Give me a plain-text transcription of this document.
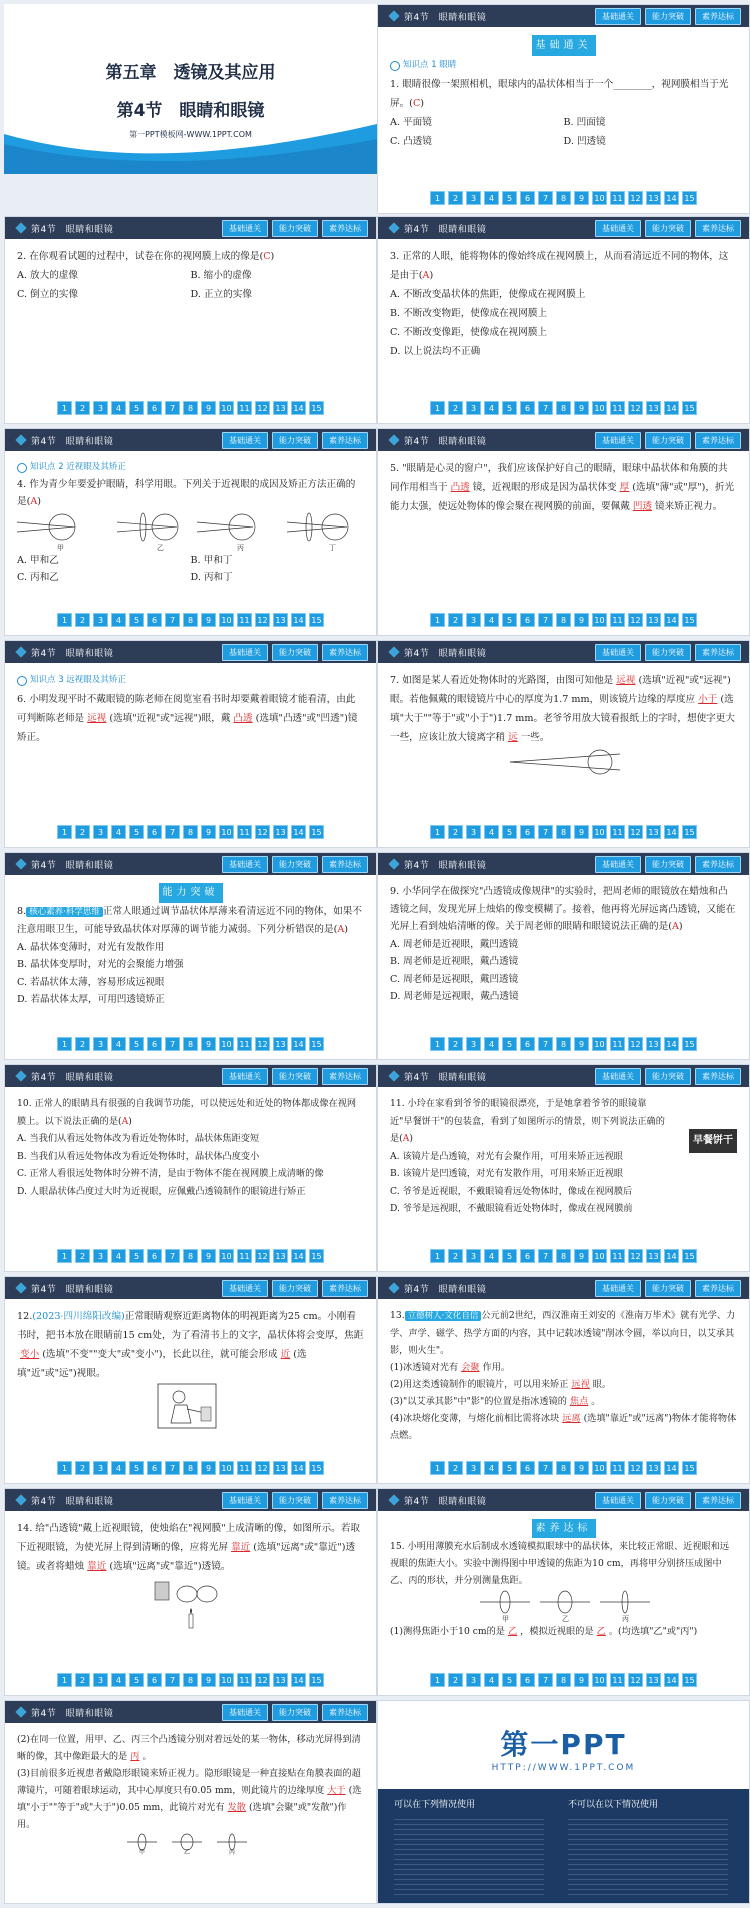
第五章　透镜及其应用
第4节　眼睛和眼镜
第一PPT模板网-WWW.1PPT.COM
第4节　眼睛和眼镜	基础通关	能力突破	素养达标
基础通关
知识点 1 眼睛

1. 眼睛很像一架照相机，眼球内的晶状体相当于一个________，视网膜相当于光屏。(C)

A. 平面镜	B. 凹面镜
C. 凸透镜	D. 凹透镜
1	2	3	4	5	6	7	8	9	10 11 12 13 14 15
第4节　眼睛和眼镜	基础通关	能力突破	素养达标

2. 在你观看试题的过程中，试卷在你的视网膜上成的像是(C)

A. 放大的虚像	B. 缩小的虚像
C. 倒立的实像	D. 正立的实像
1	2	3	4	5	6	7	8	9	10 11 12 13 14 15
第4节　眼睛和眼镜	基础通关	能力突破	素养达标

3. 正常的人眼，能将物体的像始终成在视网膜上，从而看清远近不同的物体，这是由于(A)

A. 不断改变晶状体的焦距，使像成在视网膜上

B. 不断改变物距，使像成在视网膜上

C. 不断改变像距，使像成在视网膜上

D. 以上说法均不正确

1	2	3	4	5	6	7	8	9	10 11 12 13 14 15
第4节　眼睛和眼镜	基础通关	能力突破	素养达标
知识点 2 近视眼及其矫正

4. 作为青少年要爱护眼睛，科学用眼。下列关于近视眼的成因及矫正方法正确的是(A)

甲	乙	丙	丁
A. 甲和乙	B. 甲和丁
C. 丙和乙	D. 丙和丁
1	2	3	4	5	6	7	8	9	10 11 12 13 14 15
第4节　眼睛和眼镜	基础通关	能力突破	素养达标

5. "眼睛是心灵的窗户"，我们应该保护好自己的眼睛，眼球中晶状体和角膜的共同作用相当于 凸透 镜，近视眼的形成是因为晶状体变 厚 (选填"薄"或"厚")，折光能力太强，使远处物体的像会聚在视网膜的前面，要佩戴 凹透 镜来矫正视力。

1	2	3	4	5	6	7	8	9	10 11 12 13 14 15
第4节　眼睛和眼镜	基础通关	能力突破	素养达标
知识点 3 远视眼及其矫正

6. 小明发现平时不戴眼镜的陈老师在阅览室看书时却要戴着眼镜才能看清，由此可判断陈老师是 远视 (选填"近视"或"远视")眼，戴 凸透 (选填"凸透"或"凹透")镜矫正。

1	2	3	4	5	6	7	8	9	10 11 12 13 14 15
第4节　眼睛和眼镜	基础通关	能力突破	素养达标

7. 如图是某人看近处物体时的光路图，由图可知他是 远视 (选填"近视"或"远视")眼。若他佩戴的眼镜镜片中心的厚度为1.7 mm，则该镜片边缘的厚度应 小于 (选填"大于""等于"或"小于")1.7 mm。老爷爷用放大镜看报纸上的字时，想使字更大一些，应该让放大镜离字稍 远 一些。

1	2	3	4	5	6	7	8	9	10 11 12 13 14 15
第4节　眼睛和眼镜	基础通关	能力突破	素养达标
能力突破

8. 核心素养·科学思维 正常人眼通过调节晶状体厚薄来看清远近不同的物体，如果不注意用眼卫生，可能导致晶状体对厚薄的调节能力减弱。下列分析错误的是(A)

A. 晶状体变薄时，对光有发散作用

B. 晶状体变厚时，对光的会聚能力增强

C. 若晶状体太薄，容易形成远视眼

D. 若晶状体太厚，可用凹透镜矫正

1	2	3	4	5	6	7	8	9	10 11 12 13 14 15
第4节　眼睛和眼镜	基础通关	能力突破	素养达标

9. 小华同学在做探究"凸透镜成像规律"的实验时，把周老师的眼镜放在蜡烛和凸透镜之间，发现光屏上烛焰的像变模糊了。接着，他再将光屏远离凸透镜，又能在光屏上看到烛焰清晰的像。关于周老师的眼睛和眼镜说法正确的是(A)

A. 周老师是近视眼，戴凹透镜

B. 周老师是近视眼，戴凸透镜

C. 周老师是远视眼，戴凹透镜

D. 周老师是远视眼，戴凸透镜

1	2	3	4	5	6	7	8	9	10 11 12 13 14 15
第4节　眼睛和眼镜	基础通关	能力突破	素养达标

10. 正常人的眼睛具有很强的自我调节功能，可以使远处和近处的物体都成像在视网膜上。以下说法正确的是(A)

A. 当我们从看远处物体改为看近处物体时，晶状体焦距变短

B. 当我们从看远处物体改为看近处物体时，晶状体凸度变小

C. 正常人看很远处物体时分辨不清，是由于物体不能在视网膜上成清晰的像

D. 人眼晶状体凸度过大时为近视眼，应佩戴凸透镜制作的眼镜进行矫正

1	2	3	4	5	6	7	8	9	10 11 12 13 14 15
第4节　眼睛和眼镜	基础通关	能力突破	素养达标
早餐饼干

11. 小玲在家看到爷爷的眼镜很漂亮，于是她拿着爷爷的眼镜靠近"早餐饼干"的包装盒，看到了如图所示的情景，则下列说法正确的是(A)

A. 该镜片是凸透镜，对光有会聚作用，可用来矫正远视眼

B. 该镜片是凹透镜，对光有发散作用，可用来矫正近视眼

C. 爷爷是近视眼，不戴眼镜看远处物体时，像成在视网膜后

D. 爷爷是远视眼，不戴眼镜看近处物体时，像成在视网膜前

1	2	3	4	5	6	7	8	9	10 11 12 13 14 15
第4节　眼睛和眼镜	基础通关	能力突破	素养达标

12.(2023·四川绵阳改编)正常眼睛观察近距离物体的明视距离为25 cm。小刚看书时，把书本放在眼睛前15 cm处，为了看清书上的文字，晶状体将会变厚，焦距变小 (选填"不变""变大"或"变小")，长此以往，就可能会形成 近 (选填"近"或"远")视眼。

1	2	3	4	5	6	7	8	9	10 11 12 13 14 15
第4节　眼睛和眼镜	基础通关	能力突破	素养达标

13. 立德树人·文化自信 公元前2世纪，西汉淮南王刘安的《淮南万毕术》就有光学、力学、声学、磁学、热学方面的内容，其中记载冰透镜"削冰令圆，举以向日，以艾承其影，则火生"。

(1)冰透镜对光有 会聚 作用。

(2)用这类透镜制作的眼镜片，可以用来矫正 远视 眼。

(3)"以艾承其影"中"影"的位置是指冰透镜的 焦点 。

(4)冰块熔化变薄，与熔化前相比需将冰块 远离 (选填"靠近"或"远离")物体才能将物体点燃。

1	2	3	4	5	6	7	8	9	10 11 12 13 14 15
第4节　眼睛和眼镜	基础通关	能力突破	素养达标

14. 给"凸透镜"戴上近视眼镜，使烛焰在"视网膜"上成清晰的像，如图所示。若取下近视眼镜，为使光屏上得到清晰的像，应将光屏 靠近 (选填"远离"或"靠近")透镜。或者将蜡烛 靠近 (选填"远离"或"靠近")透镜。

1	2	3	4	5	6	7	8	9	10 11 12 13 14 15
第4节　眼睛和眼镜	基础通关	能力突破	素养达标
素养达标

15. 小明用薄膜充水后制成水透镜模拟眼球中的晶状体，来比较正常眼、近视眼和远视眼的焦距大小。实验中测得图中甲透镜的焦距为10 cm，再将甲分别挤压成图中乙、丙的形状，并分别测量焦距。

甲	乙	丙

(1)测得焦距小于10 cm的是 乙 ，模拟近视眼的是 乙 。(均选填"乙"或"丙")

1	2	3	4	5	6	7	8	9	10 11 12 13 14 15
第4节　眼睛和眼镜	基础通关	能力突破	素养达标

(2)在同一位置，用甲、乙、丙三个凸透镜分别对着远处的某一物体，移动光屏得到清晰的像，其中像距最大的是 丙 。

(3)目前很多近视患者戴隐形眼镜来矫正视力。隐形眼镜是一种直接贴在角膜表面的超薄镜片，可随着眼球运动，其中心厚度只有0.05 mm，则此镜片的边缘厚度 大于 (选填"小于""等于"或"大于")0.05 mm，此镜片对光有 发散 (选填"会聚"或"发散")作用。

甲	乙	丙
第一PPT
HTTP://WWW.1PPT.COM
可以在下列情况使用	不可以在以下情况使用
